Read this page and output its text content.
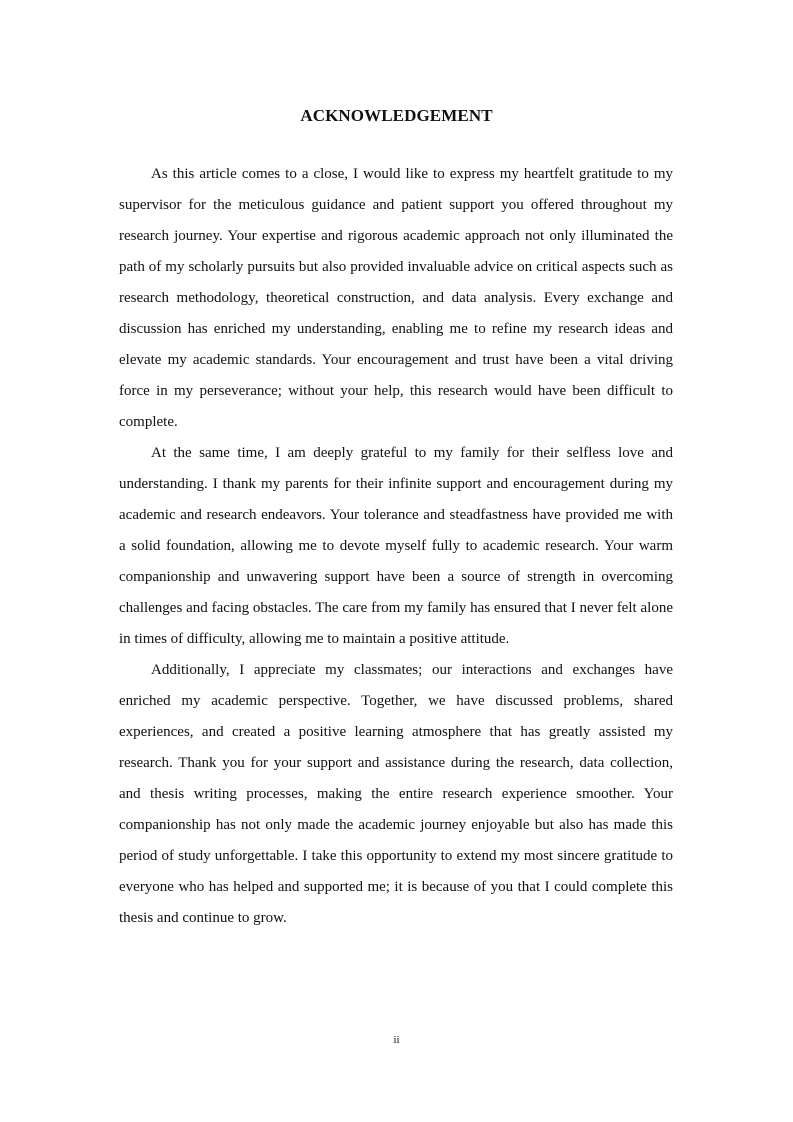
ACKNOWLEDGEMENT

As this article comes to a close, I would like to express my heartfelt gratitude to my supervisor for the meticulous guidance and patient support you offered throughout my research journey. Your expertise and rigorous academic approach not only illuminated the path of my scholarly pursuits but also provided invaluable advice on critical aspects such as research methodology, theoretical construction, and data analysis. Every exchange and discussion has enriched my understanding, enabling me to refine my research ideas and elevate my academic standards. Your encouragement and trust have been a vital driving force in my perseverance; without your help, this research would have been difficult to complete.

At the same time, I am deeply grateful to my family for their selfless love and understanding. I thank my parents for their infinite support and encouragement during my academic and research endeavors. Your tolerance and steadfastness have provided me with a solid foundation, allowing me to devote myself fully to academic research. Your warm companionship and unwavering support have been a source of strength in overcoming challenges and facing obstacles. The care from my family has ensured that I never felt alone in times of difficulty, allowing me to maintain a positive attitude.

Additionally, I appreciate my classmates; our interactions and exchanges have enriched my academic perspective. Together, we have discussed problems, shared experiences, and created a positive learning atmosphere that has greatly assisted my research. Thank you for your support and assistance during the research, data collection, and thesis writing processes, making the entire research experience smoother. Your companionship has not only made the academic journey enjoyable but also has made this period of study unforgettable. I take this opportunity to extend my most sincere gratitude to everyone who has helped and supported me; it is because of you that I could complete this thesis and continue to grow.

ii
